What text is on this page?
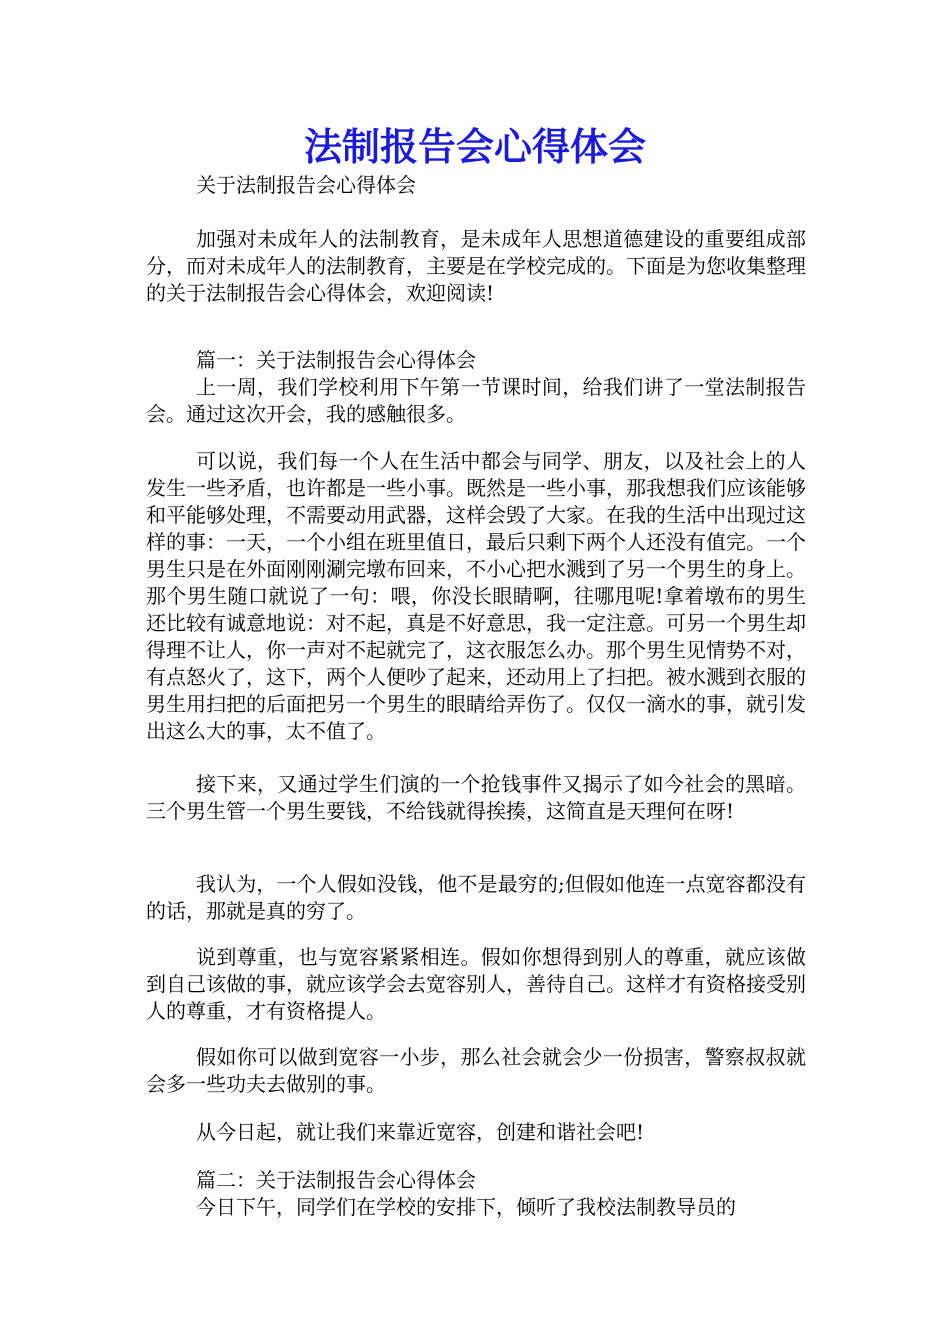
法制报告会心得体会

关于法制报告会心得体会

加强对未成年人的法制教育，是未成年人思想道德建设的重要组成部分，而对未成年人的法制教育，主要是在学校完成的。下面是为您收集整理的关于法制报告会心得体会，欢迎阅读!

篇一：关于法制报告会心得体会

上一周，我们学校利用下午第一节课时间，给我们讲了一堂法制报告会。通过这次开会，我的感触很多。

可以说，我们每一个人在生活中都会与同学、朋友，以及社会上的人发生一些矛盾，也许都是一些小事。既然是一些小事，那我想我们应该能够和平能够处理，不需要动用武器，这样会毁了大家。在我的生活中出现过这样的事：一天，一个小组在班里值日，最后只剩下两个人还没有值完。一个男生只是在外面刚刚涮完墩布回来，不小心把水溅到了另一个男生的身上。那个男生随口就说了一句：喂，你没长眼睛啊，往哪甩呢!拿着墩布的男生还比较有诚意地说：对不起，真是不好意思，我一定注意。可另一个男生却得理不让人，你一声对不起就完了，这衣服怎么办。那个男生见情势不对，有点怒火了，这下，两个人便吵了起来，还动用上了扫把。被水溅到衣服的男生用扫把的后面把另一个男生的眼睛给弄伤了。仅仅一滴水的事，就引发出这么大的事，太不值了。

接下来，又通过学生们演的一个抢钱事件又揭示了如今社会的黑暗。三个男生管一个男生要钱，不给钱就得挨揍，这简直是天理何在呀!

我认为，一个人假如没钱，他不是最穷的;但假如他连一点宽容都没有的话，那就是真的穷了。

说到尊重，也与宽容紧紧相连。假如你想得到别人的尊重，就应该做到自己该做的事，就应该学会去宽容别人，善待自己。这样才有资格接受别人的尊重，才有资格提人。

假如你可以做到宽容一小步，那么社会就会少一份损害，警察叔叔就会多一些功夫去做别的事。

从今日起，就让我们来靠近宽容，创建和谐社会吧!

篇二：关于法制报告会心得体会

今日下午，同学们在学校的安排下，倾听了我校法制教导员的
